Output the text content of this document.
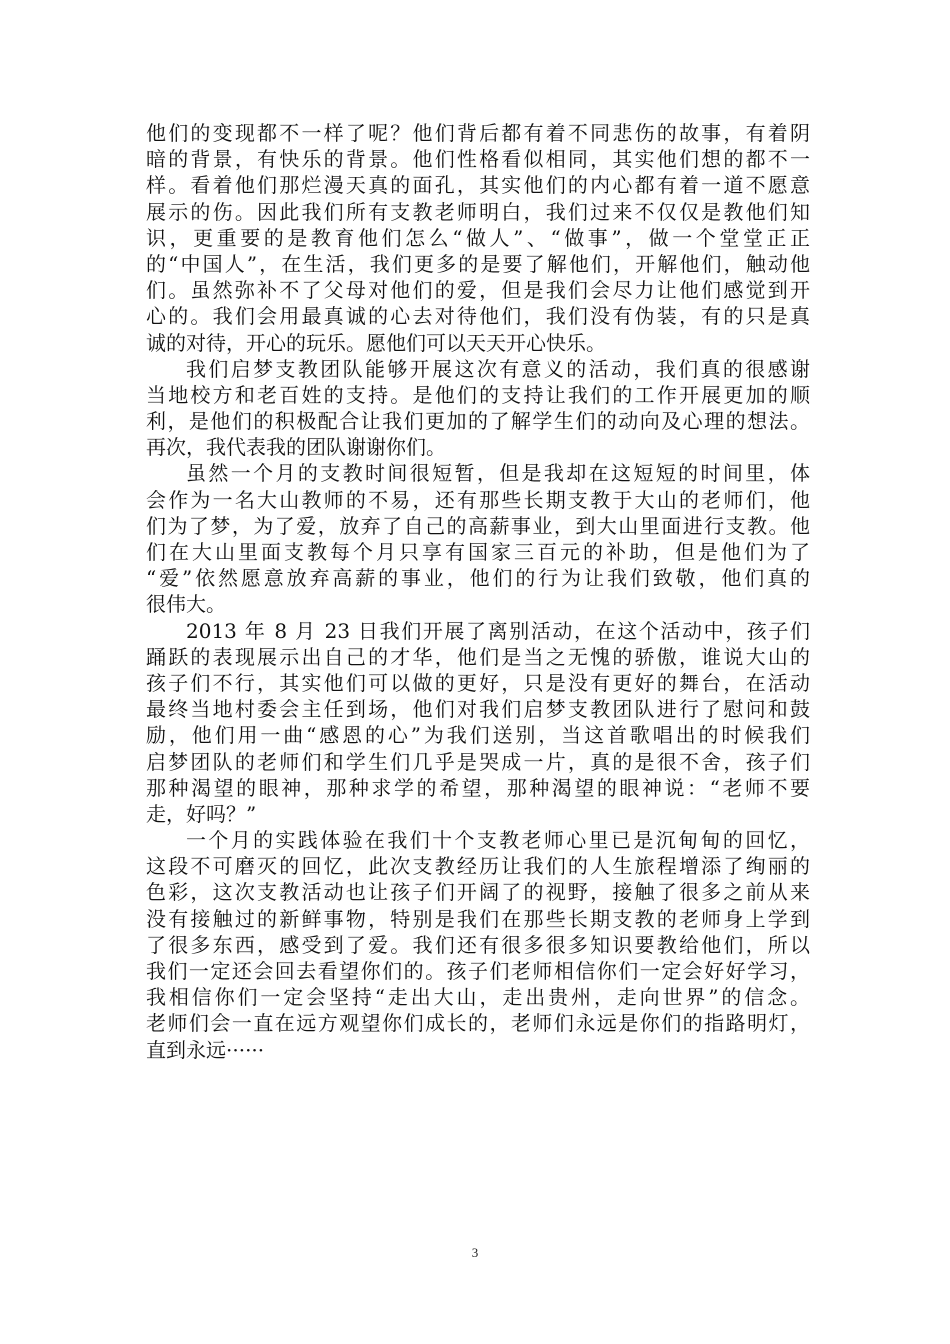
他们的变现都不一样了呢？他们背后都有着不同悲伤的故事，有着阴
暗的背景，有快乐的背景。他们性格看似相同，其实他们想的都不一
样。看着他们那烂漫天真的面孔，其实他们的内心都有着一道不愿意
展示的伤。因此我们所有支教老师明白，我们过来不仅仅是教他们知
识，更重要的是教育他们怎么“做人”、“做事”，做一个堂堂正正
的“中国人”，在生活，我们更多的是要了解他们，开解他们，触动他
们。虽然弥补不了父母对他们的爱，但是我们会尽力让他们感觉到开
心的。我们会用最真诚的心去对待他们，我们没有伪装，有的只是真
诚的对待，开心的玩乐。愿他们可以天天开心快乐。
我们启梦支教团队能够开展这次有意义的活动，我们真的很感谢
当地校方和老百姓的支持。是他们的支持让我们的工作开展更加的顺
利，是他们的积极配合让我们更加的了解学生们的动向及心理的想法。
再次，我代表我的团队谢谢你们。
虽然一个月的支教时间很短暂，但是我却在这短短的时间里，体
会作为一名大山教师的不易，还有那些长期支教于大山的老师们，他
们为了梦，为了爱，放弃了自己的高薪事业，到大山里面进行支教。他
们在大山里面支教每个月只享有国家三百元的补助，但是他们为了
“爱”依然愿意放弃高薪的事业，他们的行为让我们致敬，他们真的
很伟大。
2013 年 8 月 23 日我们开展了离别活动，在这个活动中，孩子们
踊跃的表现展示出自己的才华，他们是当之无愧的骄傲，谁说大山的
孩子们不行，其实他们可以做的更好，只是没有更好的舞台，在活动
最终当地村委会主任到场，他们对我们启梦支教团队进行了慰问和鼓
励，他们用一曲“感恩的心”为我们送别，当这首歌唱出的时候我们
启梦团队的老师们和学生们几乎是哭成一片，真的是很不舍，孩子们
那种渴望的眼神，那种求学的希望，那种渴望的眼神说：“老师不要
走，好吗？”
一个月的实践体验在我们十个支教老师心里已是沉甸甸的回忆，
这段不可磨灭的回忆，此次支教经历让我们的人生旅程增添了绚丽的
色彩，这次支教活动也让孩子们开阔了的视野，接触了很多之前从来
没有接触过的新鲜事物，特别是我们在那些长期支教的老师身上学到
了很多东西，感受到了爱。我们还有很多很多知识要教给他们，所以
我们一定还会回去看望你们的。孩子们老师相信你们一定会好好学习，
我相信你们一定会坚持“走出大山，走出贵州，走向世界”的信念。
老师们会一直在远方观望你们成长的，老师们永远是你们的指路明灯，
直到永远······
3
